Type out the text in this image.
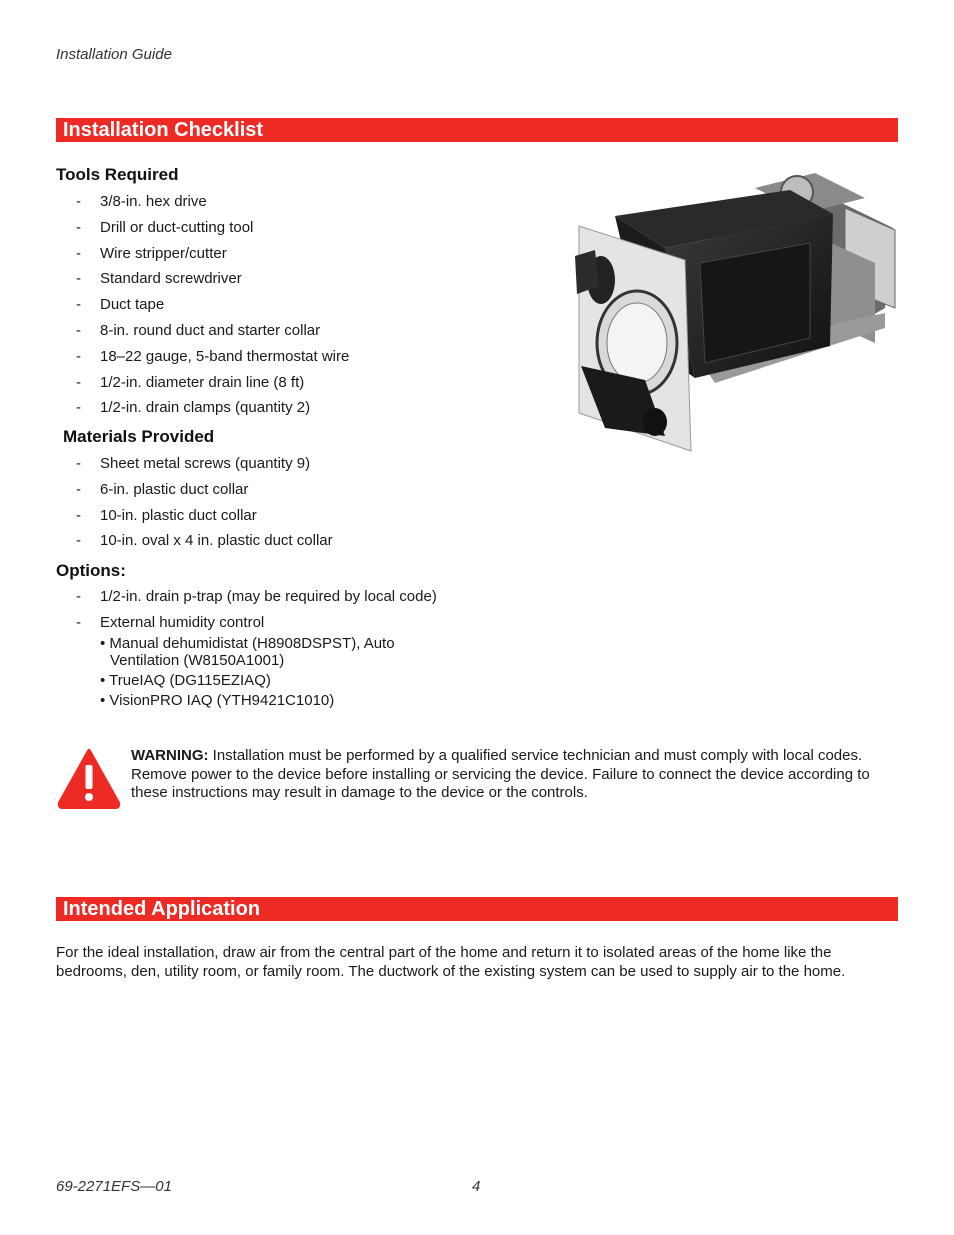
Installation Guide
Installation Checklist
Tools Required
- 3/8-in. hex drive
- Drill or duct-cutting tool
- Wire stripper/cutter
- Standard screwdriver
- Duct tape
- 8-in. round duct and starter collar
- 18–22 gauge, 5-band thermostat wire
- 1/2-in. diameter drain line (8 ft)
- 1/2-in. drain clamps (quantity 2)
Materials Provided
- Sheet metal screws (quantity 9)
- 6-in. plastic duct collar
- 10-in. plastic duct collar
- 10-in. oval x 4 in. plastic duct collar
Options:
- 1/2-in. drain p-trap (may be required by local code)
- External humidity control
• Manual dehumidistat (H8908DSPST), Auto Ventilation (W8150A1001)
• TrueIAQ (DG115EZIAQ)
• VisionPRO IAQ (YTH9421C1010)
WARNING: Installation must be performed by a qualified service technician and must comply with local codes. Remove power to the device before installing or servicing the device. Failure to connect the device according to these instructions may result in damage to the device or the controls.
Intended Application
For the ideal installation, draw air from the central part of the home and return it to isolated areas of the home like the bedrooms, den, utility room, or family room. The ductwork of the existing system can be used to supply air to the home.
69-2271EFS—01	4
